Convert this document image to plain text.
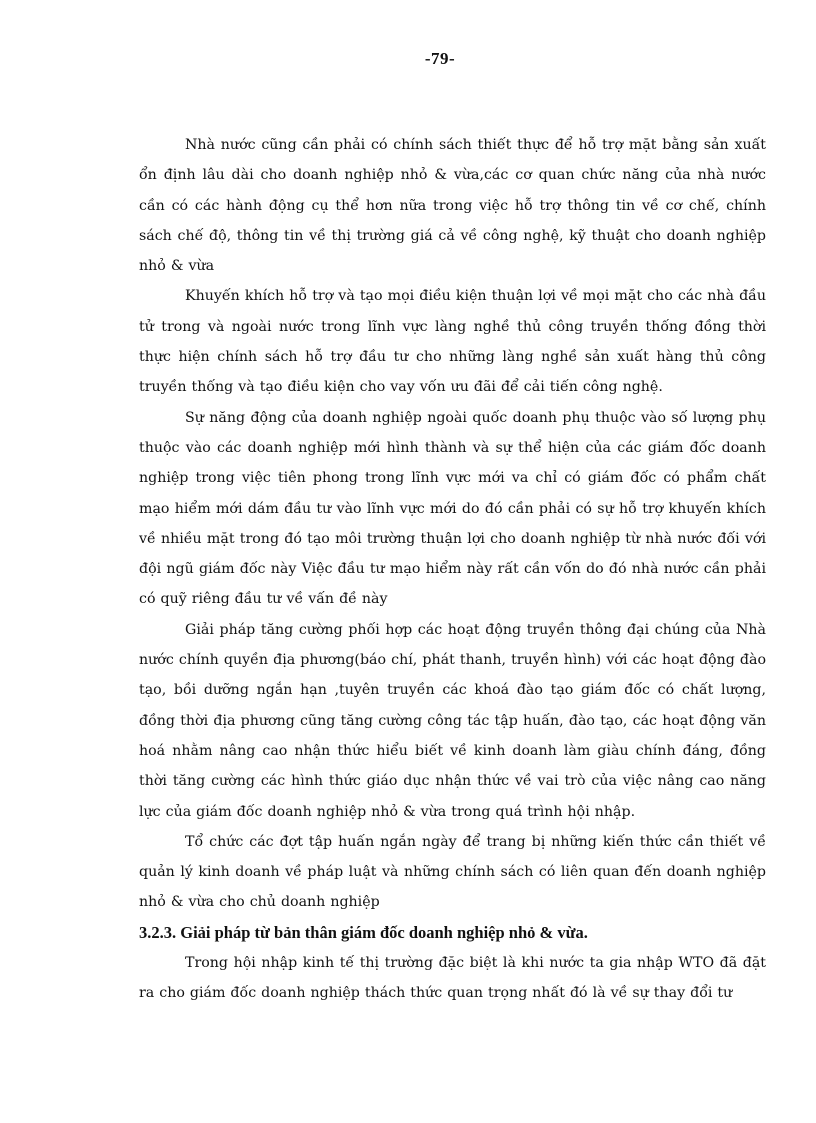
-79-

Nhà nước cũng cần phải có chính sách thiết thực để hỗ trợ mặt bằng sản xuất ổn định lâu dài cho doanh nghiệp nhỏ & vừa,các cơ quan chức năng của nhà nước cần có các hành động cụ thể hơn nữa trong việc hỗ trợ thông tin về cơ chế, chính sách chế độ, thông tin về thị trường giá cả về công nghệ, kỹ thuật cho doanh nghiệp nhỏ & vừa

Khuyến khích hỗ trợ và tạo mọi điều kiện thuận lợi về mọi mặt cho các nhà đầu tử trong và ngoài nước trong lĩnh vực làng nghề thủ công truyền thống đồng thời thực hiện chính sách hỗ trợ đầu tư cho những làng nghề sản xuất hàng thủ công truyền thống và tạo điều kiện cho vay vốn ưu đãi để cải tiến công nghệ.

Sự năng động của doanh nghiệp ngoài quốc doanh phụ thuộc vào số lượng phụ thuộc vào các doanh nghiệp mới hình thành và sự thể hiện của các giám đốc doanh nghiệp trong việc tiên phong trong lĩnh vực mới va chỉ có giám đốc có phẩm chất mạo hiểm mới dám đầu tư vào lĩnh vực mới do đó cần phải có sự hỗ trợ khuyến khích về nhiều mặt trong đó tạo môi trường thuận lợi cho doanh nghiệp từ nhà nước đối với đội ngũ giám đốc này Việc đầu tư mạo hiểm này rất cần vốn do đó nhà nước cần phải có quỹ riêng đầu tư về vấn đề này

Giải pháp tăng cường phối hợp các hoạt động truyền thông đại chúng của Nhà nước chính quyền địa phương(báo chí, phát thanh, truyền hình) với các hoạt động đào tạo, bồi dưỡng ngắn hạn ,tuyên truyền các khoá đào tạo giám đốc có chất lượng, đồng thời địa phương cũng tăng cường công tác tập huấn, đào tạo, các hoạt động văn hoá nhằm nâng cao nhận thức hiểu biết về kinh doanh làm giàu chính đáng, đồng thời tăng cường các hình thức giáo dục nhận thức về vai trò của việc nâng cao năng lực của giám đốc doanh nghiệp nhỏ & vừa trong quá trình hội nhập.

Tổ chức các đợt tập huấn ngắn ngày để trang bị những kiến thức cần thiết về quản lý kinh doanh về pháp luật và những chính sách có liên quan đến doanh nghiệp nhỏ & vừa cho chủ doanh nghiệp

3.2.3. Giải pháp từ bản thân giám đốc doanh nghiệp nhỏ & vừa.

Trong hội nhập kinh tế thị trường đặc biệt là khi nước ta gia nhập WTO đã đặt ra cho giám đốc doanh nghiệp thách thức quan trọng nhất đó là về sự thay đổi tư
